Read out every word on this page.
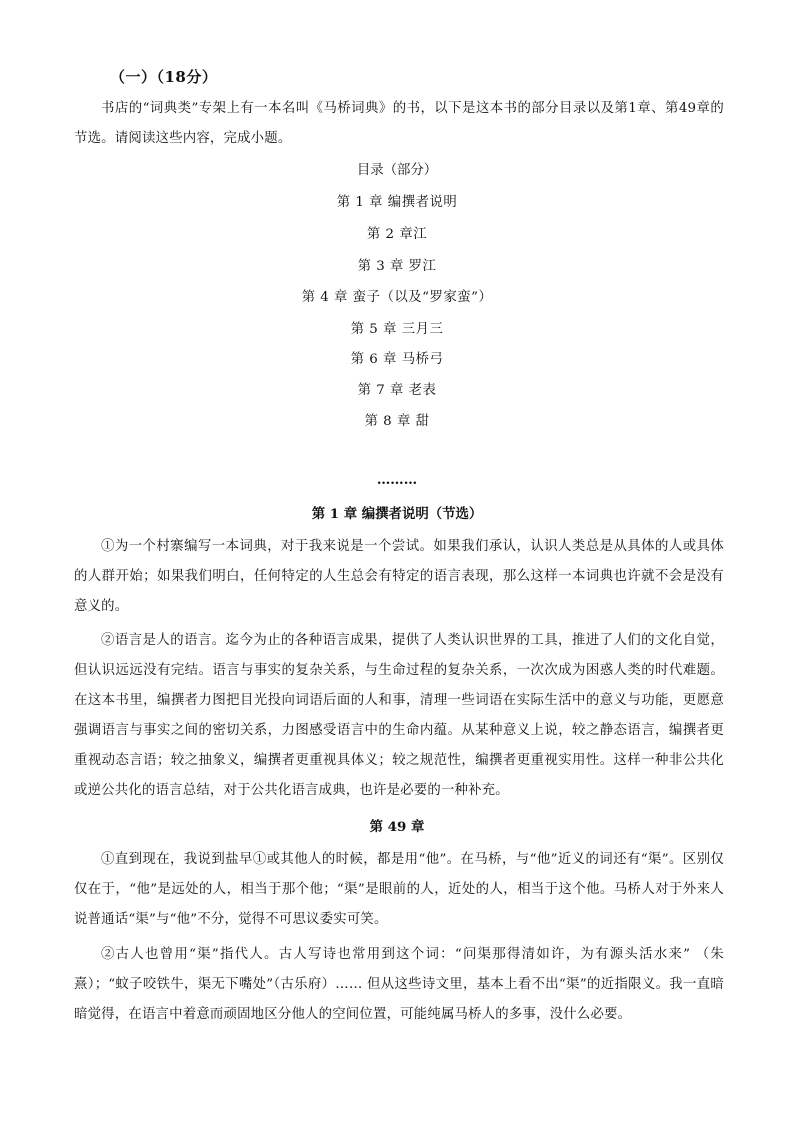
（一）（18分）

书店的“词典类”专架上有一本名叫《马桥词典》的书，以下是这本书的部分目录以及第1章、第49章的节选。请阅读这些内容，完成小题。

目录（部分）
第 1 章 编撰者说明
第 2 章江
第 3 章 罗江
第 4 章 蛮子（以及“罗家蛮”）
第 5 章 三月三
第 6 章 马桥弓
第 7 章 老表
第 8 章 甜
………
第 1 章 编撰者说明（节选）

①为一个村寨编写一本词典，对于我来说是一个尝试。如果我们承认，认识人类总是从具体的人或具体的人群开始；如果我们明白，任何特定的人生总会有特定的语言表现，那么这样一本词典也许就不会是没有意义的。

②语言是人的语言。迄今为止的各种语言成果，提供了人类认识世界的工具，推进了人们的文化自觉，但认识远远没有完结。语言与事实的复杂关系，与生命过程的复杂关系，一次次成为困惑人类的时代难题。在这本书里，编撰者力图把目光投向词语后面的人和事，清理一些词语在实际生活中的意义与功能，更愿意强调语言与事实之间的密切关系，力图感受语言中的生命内蕴。从某种意义上说，较之静态语言，编撰者更重视动态言语；较之抽象义，编撰者更重视具体义；较之规范性，编撰者更重视实用性。这样一种非公共化或逆公共化的语言总结，对于公共化语言成典，也许是必要的一种补充。

第 49 章

①直到现在，我说到盐早①或其他人的时候，都是用“他”。在马桥，与“他”近义的词还有“渠”。区别仅仅在于，“他”是远处的人，相当于那个他；“渠”是眼前的人，近处的人，相当于这个他。马桥人对于外来人说普通话“渠”与“他”不分，觉得不可思议委实可笑。

②古人也曾用“渠”指代人。古人写诗也常用到这个词：“问渠那得清如许，为有源头活水来” （朱熹）；“蚊子咬铁牛，渠无下嘴处”（古乐府）…… 但从这些诗文里，基本上看不出“渠”的近指限义。我一直暗暗觉得，在语言中着意而顽固地区分他人的空间位置，可能纯属马桥人的多事，没什么必要。
